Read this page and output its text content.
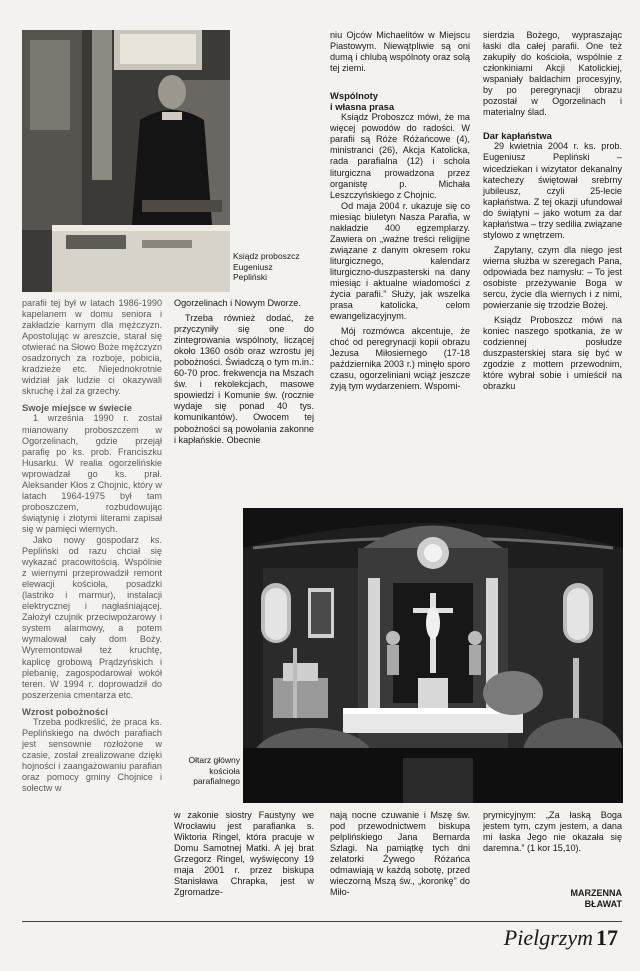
Ksiądz proboszcz
Eugeniusz
Pepliński

parafii tej był w latach 1986-1990 kapelanem w domu seniora i zakładzie karnym dla mężczyzn. Apostolując w areszcie, starał się otwierać na Słowo Boże mężczyzn osadzonych za rozboje, pobicia, kradzieże etc. Niejednokrotnie widział jak ludzie ci okazywali skruchę i żal za grzechy.

Swoje miejsce w świecie

1 września 1990 r. został mianowany proboszczem w Ogorzelinach, gdzie przejął parafię po ks. prob. Franciszku Husarku. W realia ogorzelińskie wprowadzał go ks. prał. Aleksander Kłos z Chojnic, który w latach 1964-1975 był tam proboszczem, rozbudowując świątynię i złotymi literami zapisał się w pamięci wiernych.

Jako nowy gospodarz ks. Pepliński od razu chciał się wykazać pracowitością. Wspólnie z wiernymi przeprowadził remont elewacji kościoła, posadzki (lastriko i marmur), instalacji elektrycznej i nagłaśniającej. Założył czujnik przeciwpożarowy i system alarmowy, a potem wymalował cały dom Boży. Wyremontował też kruchtę, kaplicę grobową Prądzyńskich i plebanię, zagospodarował wokół teren. W 1994 r. doprowadził do poszerzenia cmentarza etc.

Wzrost pobożności

Trzeba podkreślić, że praca ks. Peplińskiego na dwóch parafiach jest sensownie rozłożone w czasie, został zrealizowane dzięki hojności i zaangażowaniu parafian oraz pomocy gminy Chojnice i sołectw w

Ogorzelinach i Nowym Dworze.

Trzeba również dodać, że przyczyniły się one do zintegrowania wspólnoty, liczącej około 1360 osób oraz wzrostu jej pobożności. Świadczą o tym m.in.: 60-70 proc. frekwencja na Mszach św. i rekolekcjach, masowe spowiedzi i Komunie św. (rocznie wydaje się ponad 40 tys. komunikantów). Owocem tej pobożności są powołania zakonne i kapłańskie. Obecnie

niu Ojców Michaelitów w Miejscu Piastowym. Niewątpliwie są oni dumą i chlubą wspólnoty oraz solą tej ziemi.

Wspólnoty
i własna prasa

Ksiądz Proboszcz mówi, że ma więcej powodów do radości. W parafii są Róże Różańcowe (4), ministranci (26), Akcja Katolicka, rada parafialna (12) i schola liturgiczna prowadzona przez organistę p. Michała Leszczyńskiego z Chojnic.

Od maja 2004 r. ukazuje się co miesiąc biuletyn Nasza Parafia, w nakładzie 400 egzemplarzy. Zawiera on „ważne treści religijne związane z danym okresem roku liturgicznego, kalendarz liturgiczno-duszpasterski na dany miesiąc i aktualne wiadomości z życia parafii.” Służy, jak wszelka prasa katolicka, celom ewangelizacyjnym.

Mój rozmówca akcentuje, że choć od peregrynacji kopii obrazu Jezusa Miłosiernego (17-18 października 2003 r.) minęło sporo czasu, ogorzeliniani wciąż jeszcze żyją tym wydarzeniem. Wspomi-

sierdzia Bożego, wypraszając łaski dla całej parafii. One też zakupiły do kościoła, wspólnie z członkiniami Akcji Katolickiej, wspaniały baldachim procesyjny, by po peregrynacji obrazu pozostał w Ogorzelinach i materialny ślad.

Dar kapłaństwa

29 kwietnia 2004 r. ks. prob. Eugeniusz Pepliński – wicedziekan i wizytator dekanalny katechezy świętował srebrny jubileusz, czyli 25-lecie kapłaństwa. Z tej okazji ufundował do świątyni – jako wotum za dar kapłaństwa – trzy sedilia związane stylowo z wnętrzem.

Zapytany, czym dla niego jest wierna służba w szeregach Pana, odpowiada bez namysłu: – To jest osobiste przeżywanie Boga w sercu, życie dla wiernych i z nimi, powierzanie się trzodzie Bożej.

Ksiądz Proboszcz mówi na koniec naszego spotkania, że w codziennej posłudze duszpasterskiej stara się być w zgodzie z mottem przewodnim, które wybrał sobie i umieścił na obrazku

Ołtarz główny
kościoła
parafialnego

w zakonie siostry Faustyny we Wrocławiu jest parafianka s. Wiktoria Ringel, która pracuje w Domu Samotnej Matki. A jej brat Grzegorz Ringel, wyświęcony 19 maja 2001 r. przez biskupa Stanisława Chrapka, jest w Zgromadze-

nają nocne czuwanie i Mszę św. pod przewodnictwem biskupa pelplińskiego Jana Bernarda Szlagi. Na pamiątkę tych dni zelatorki Żywego Różańca odmawiają w każdą sobotę, przed wieczorną Mszą św., „koronkę” do Miło-

prymicyjnym: „Za łaską Boga jestem tym, czym jestem, a dana mi łaska Jego nie okazała się daremna.” (1 kor 15,10).

MARZENNA
BŁAWAT
Pielgrzym 17
